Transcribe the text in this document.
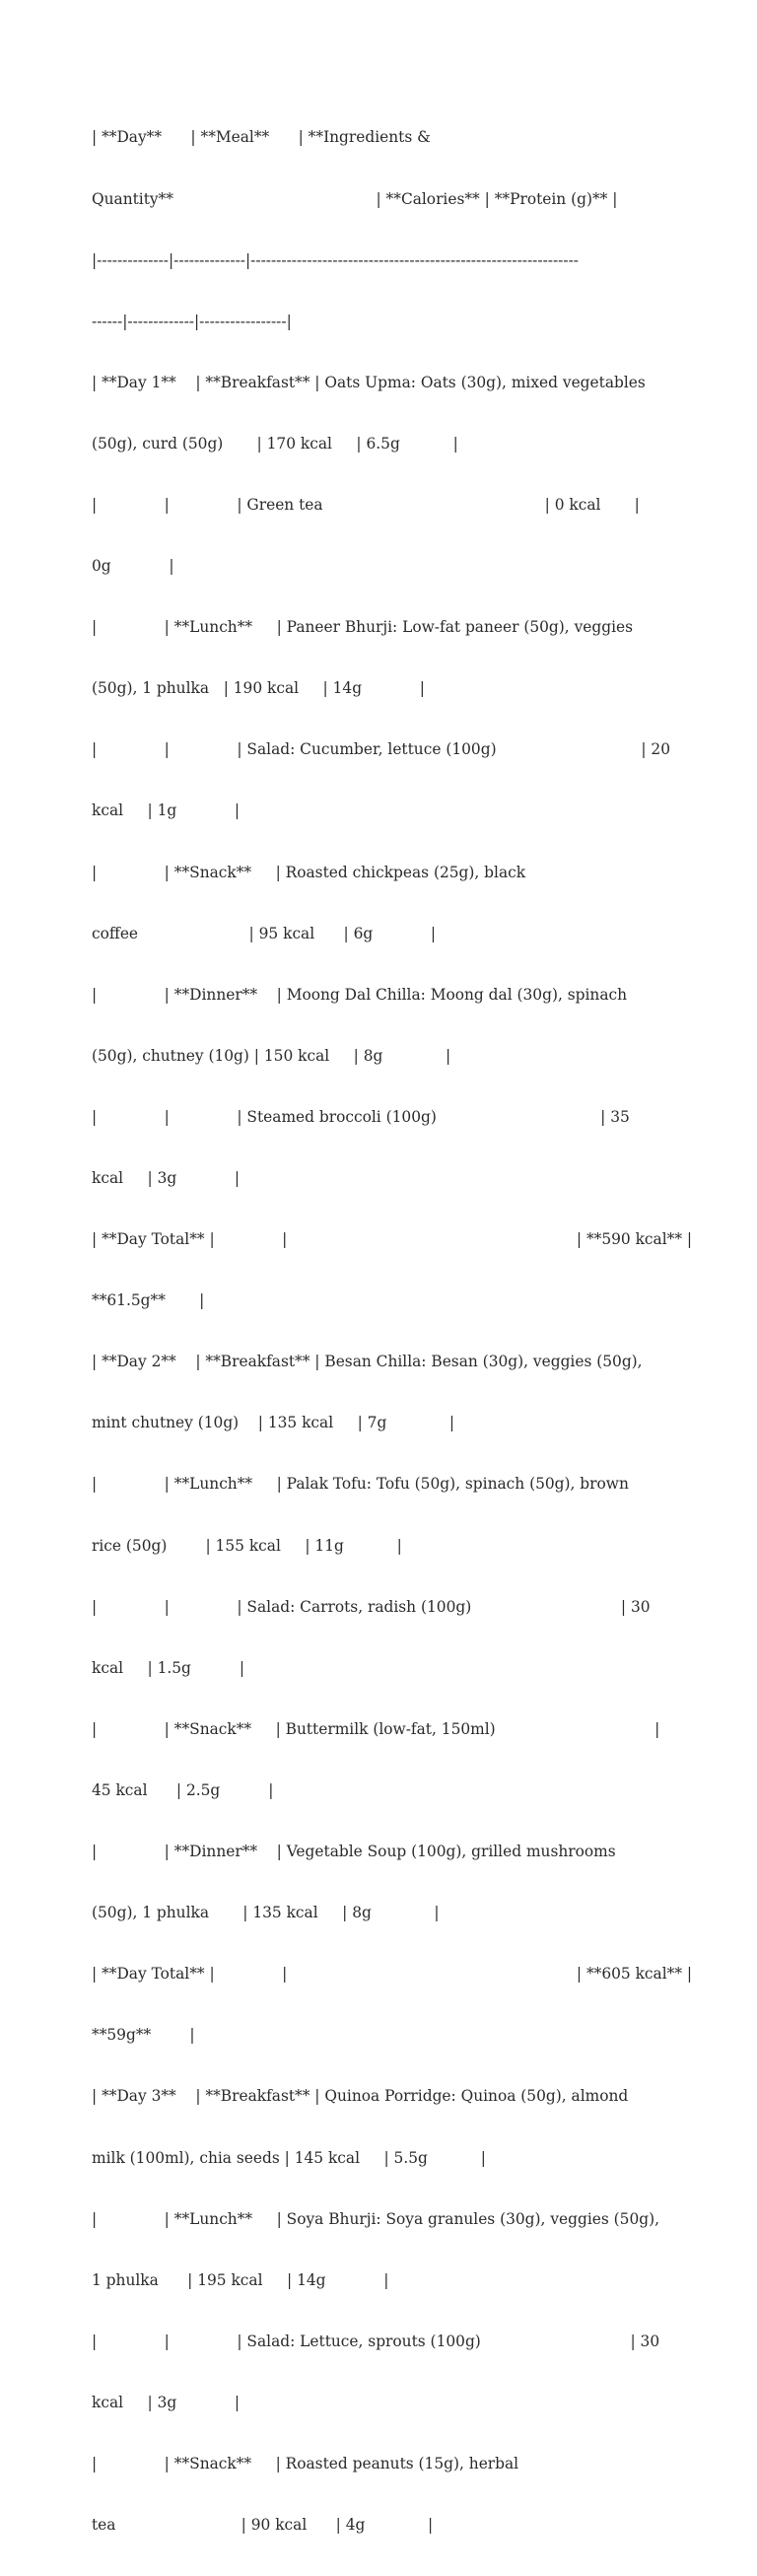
| **Day**      | **Meal**      | **Ingredients &

Quantity**                                          | **Calories** | **Protein (g)** |

|--------------|--------------|----------------------------------------------------------------

------|-------------|-----------------|

| **Day 1**    | **Breakfast** | Oats Upma: Oats (30g), mixed vegetables

(50g), curd (50g)       | 170 kcal     | 6.5g           |

|              |              | Green tea                                              | 0 kcal       |

0g            |

|              | **Lunch**     | Paneer Bhurji: Low-fat paneer (50g), veggies

(50g), 1 phulka   | 190 kcal     | 14g            |

|              |              | Salad: Cucumber, lettuce (100g)                              | 20

kcal     | 1g            |

|              | **Snack**     | Roasted chickpeas (25g), black

coffee                       | 95 kcal      | 6g            |

|              | **Dinner**    | Moong Dal Chilla: Moong dal (30g), spinach

(50g), chutney (10g) | 150 kcal     | 8g             |

|              |              | Steamed broccoli (100g)                                  | 35

kcal     | 3g            |

| **Day Total** |              |                                                            | **590 kcal** |

**61.5g**       |

| **Day 2**    | **Breakfast** | Besan Chilla: Besan (30g), veggies (50g),

mint chutney (10g)    | 135 kcal     | 7g             |

|              | **Lunch**     | Palak Tofu: Tofu (50g), spinach (50g), brown

rice (50g)        | 155 kcal     | 11g           |

|              |              | Salad: Carrots, radish (100g)                               | 30

kcal     | 1.5g          |

|              | **Snack**     | Buttermilk (low-fat, 150ml)                                 |

45 kcal      | 2.5g          |

|              | **Dinner**    | Vegetable Soup (100g), grilled mushrooms

(50g), 1 phulka       | 135 kcal     | 8g             |

| **Day Total** |              |                                                            | **605 kcal** |

**59g**        |

| **Day 3**    | **Breakfast** | Quinoa Porridge: Quinoa (50g), almond

milk (100ml), chia seeds | 145 kcal     | 5.5g           |

|              | **Lunch**     | Soya Bhurji: Soya granules (30g), veggies (50g),

1 phulka      | 195 kcal     | 14g            |

|              |              | Salad: Lettuce, sprouts (100g)                               | 30

kcal     | 3g            |

|              | **Snack**     | Roasted peanuts (15g), herbal

tea                          | 90 kcal      | 4g             |
